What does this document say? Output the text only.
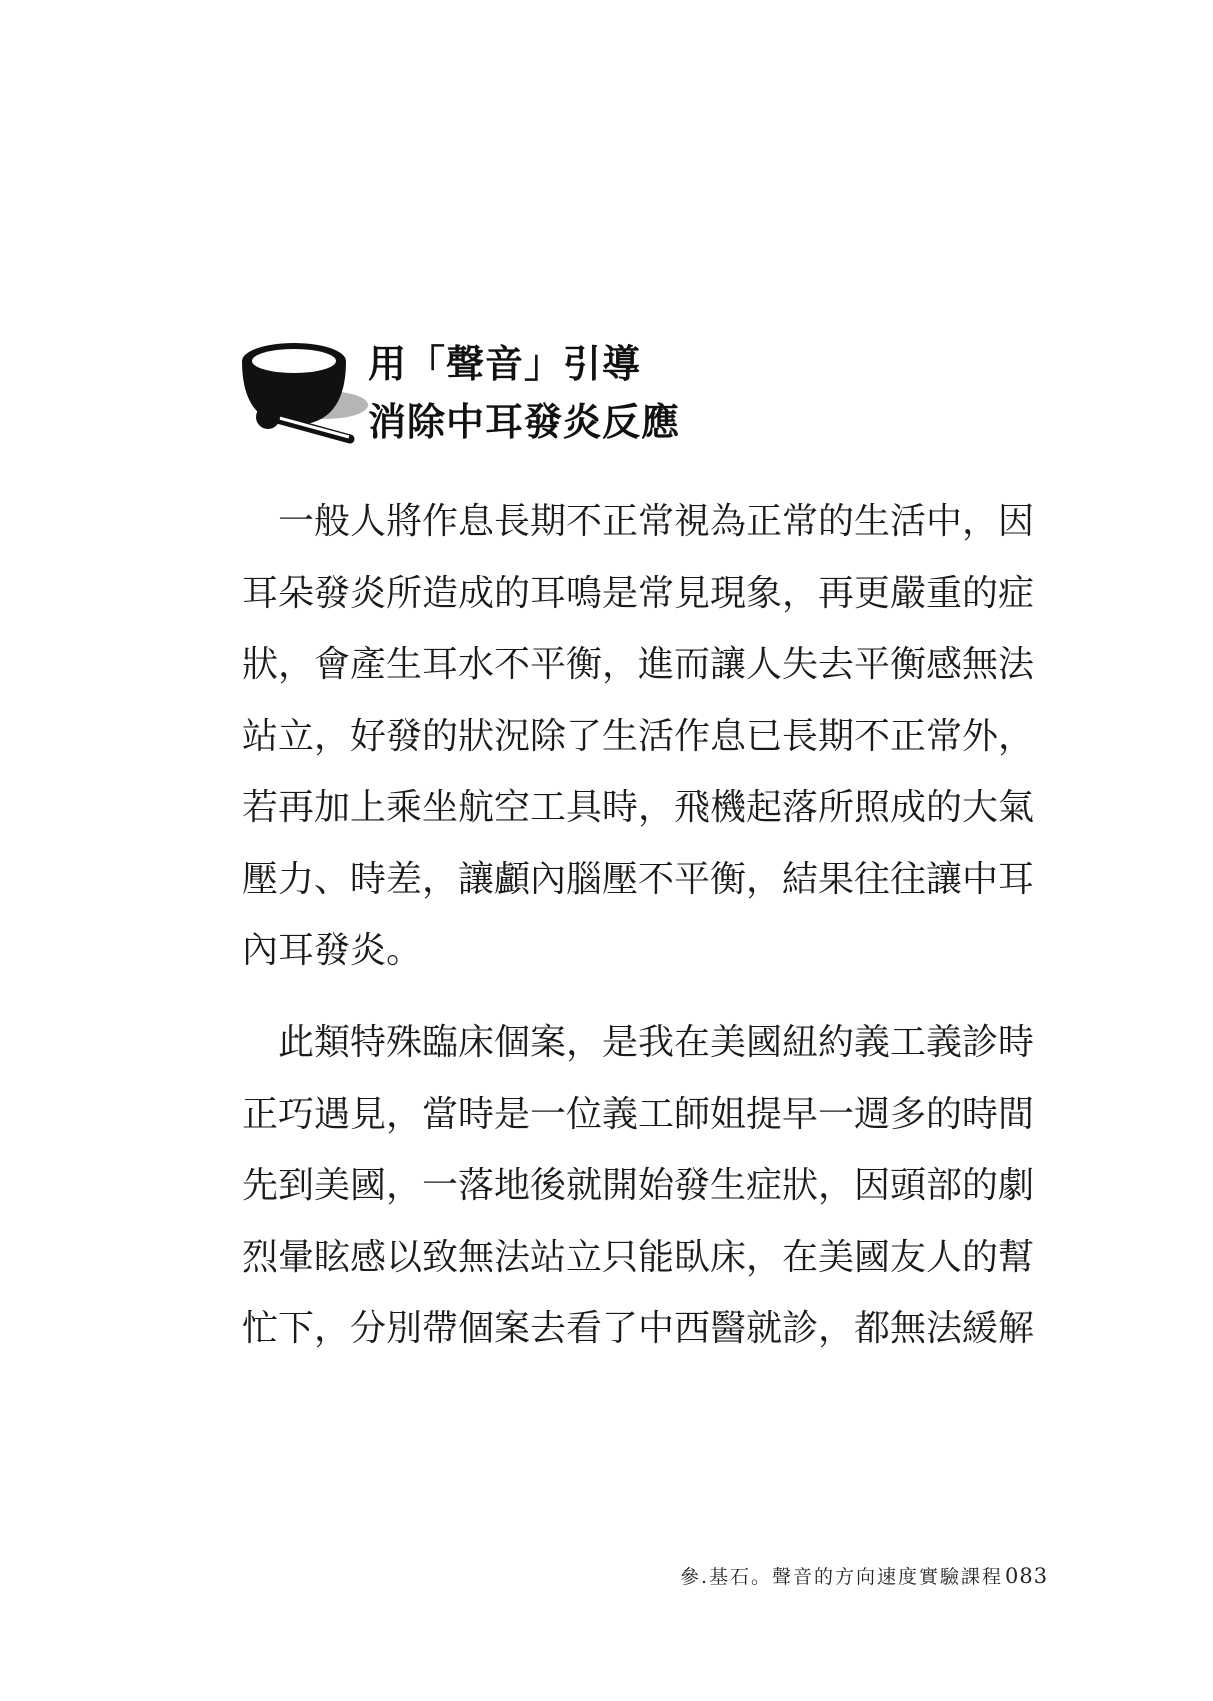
用「聲音」引導
消除中耳發炎反應
　一般人將作息長期不正常視為正常的生活中，因
耳朵發炎所造成的耳鳴是常見現象，再更嚴重的症
狀，會產生耳水不平衡，進而讓人失去平衡感無法
站立，好發的狀況除了生活作息已長期不正常外，
若再加上乘坐航空工具時，飛機起落所照成的大氣
壓力、時差，讓顱內腦壓不平衡，結果往往讓中耳
內耳發炎。
　此類特殊臨床個案，是我在美國紐約義工義診時
正巧遇見，當時是一位義工師姐提早一週多的時間
先到美國，一落地後就開始發生症狀，因頭部的劇
烈暈眩感以致無法站立只能臥床，在美國友人的幫
忙下，分別帶個案去看了中西醫就診，都無法緩解
參.基石。聲音的方向速度實驗課程083
